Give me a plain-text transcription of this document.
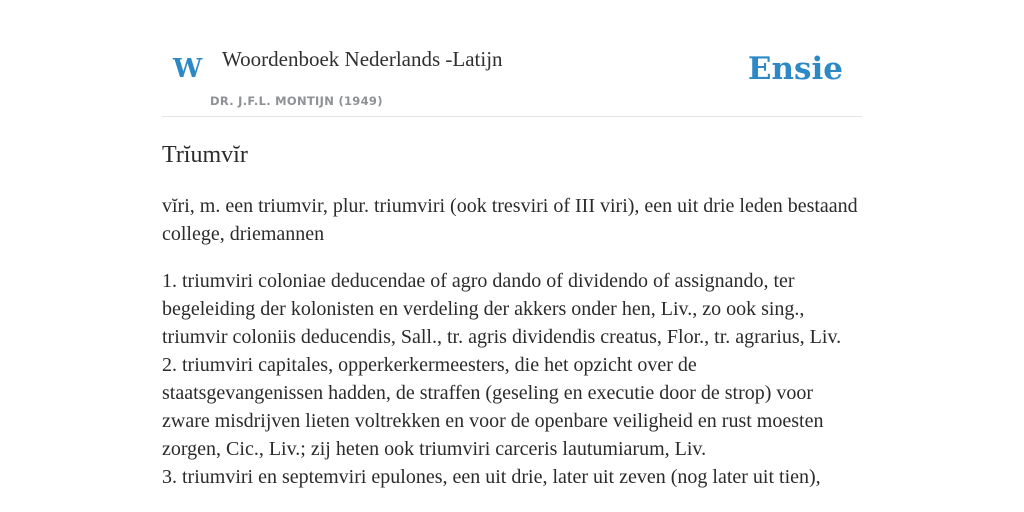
W Woordenboek Nederlands -Latijn
DR. J.F.L. MONTIJN (1949)
Ensie
Trĭumvĭr

vĭri, m. een triumvir, plur. triumviri (ook tresviri of III viri), een uit drie leden bestaand college, driemannen

1. triumviri coloniae deducendae of agro dando of dividendo of assignando, ter begeleiding der kolonisten en verdeling der akkers onder hen, Liv., zo ook sing., triumvir coloniis deducendis, Sall., tr. agris dividendis creatus, Flor., tr. agrarius, Liv.
2. triumviri capitales, opperkerkermeesters, die het opzicht over de staatsgevangenissen hadden, de straffen (geseling en executie door de strop) voor zware misdrijven lieten voltrekken en voor de openbare veiligheid en rust moesten zorgen, Cic., Liv.; zij heten ook triumviri carceris lautumiarum, Liv.
3. triumviri en septemviri epulones, een uit drie, later uit zeven (nog later uit tien),
